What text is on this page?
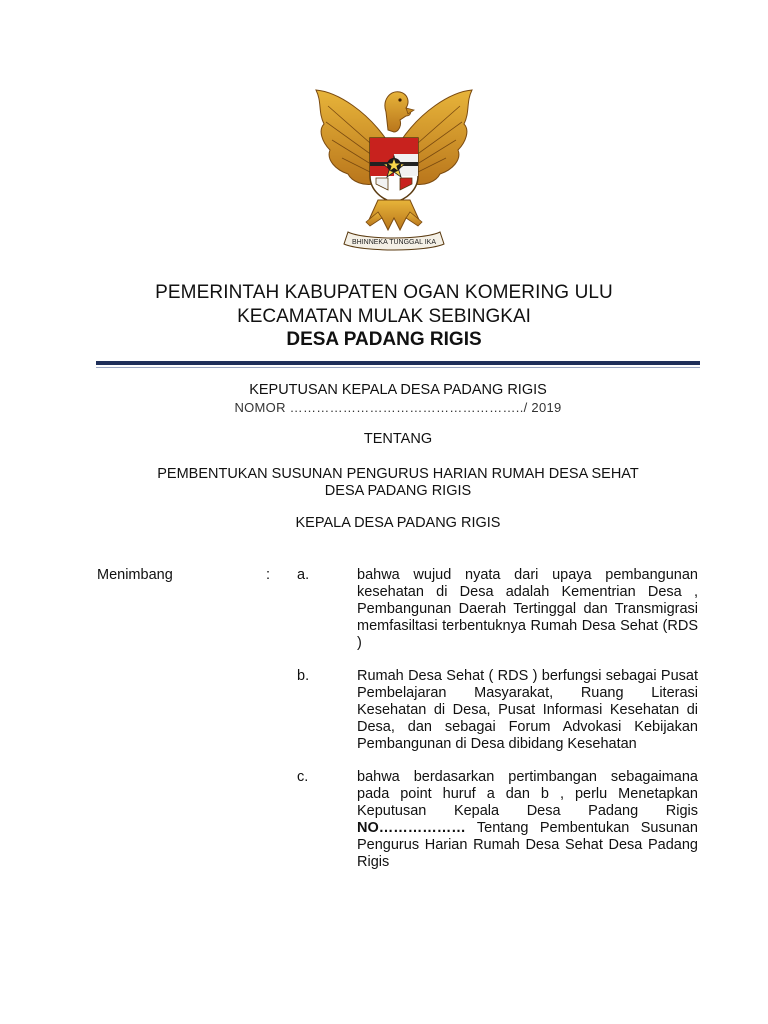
BHINNEKA TUNGGAL IKA
PEMERINTAH KABUPATEN OGAN KOMERING ULU
KECAMATAN MULAK SEBINGKAI
DESA PADANG RIGIS
KEPUTUSAN KEPALA DESA PADANG RIGIS
NOMOR ……………………………………………../ 2019
TENTANG
PEMBENTUKAN SUSUNAN PENGURUS HARIAN RUMAH DESA SEHAT
DESA PADANG RIGIS
KEPALA DESA PADANG RIGIS
Menimbang	: a.	bahwa wujud nyata dari upaya pembangunan kesehatan di Desa adalah Kementrian Desa , Pembangunan Daerah Tertinggal dan Transmigrasi memfasiltasi terbentuknya Rumah Desa Sehat (RDS )
b.	Rumah Desa Sehat ( RDS ) berfungsi sebagai Pusat Pembelajaran Masyarakat, Ruang Literasi Kesehatan di Desa, Pusat Informasi Kesehatan di Desa, dan sebagai Forum Advokasi Kebijakan Pembangunan di Desa dibidang Kesehatan
c.	bahwa berdasarkan pertimbangan sebagaimana pada point huruf a dan b , perlu Menetapkan Keputusan Kepala Desa Padang Rigis NO……………… Tentang Pembentukan Susunan Pengurus Harian Rumah Desa Sehat Desa Padang Rigis
